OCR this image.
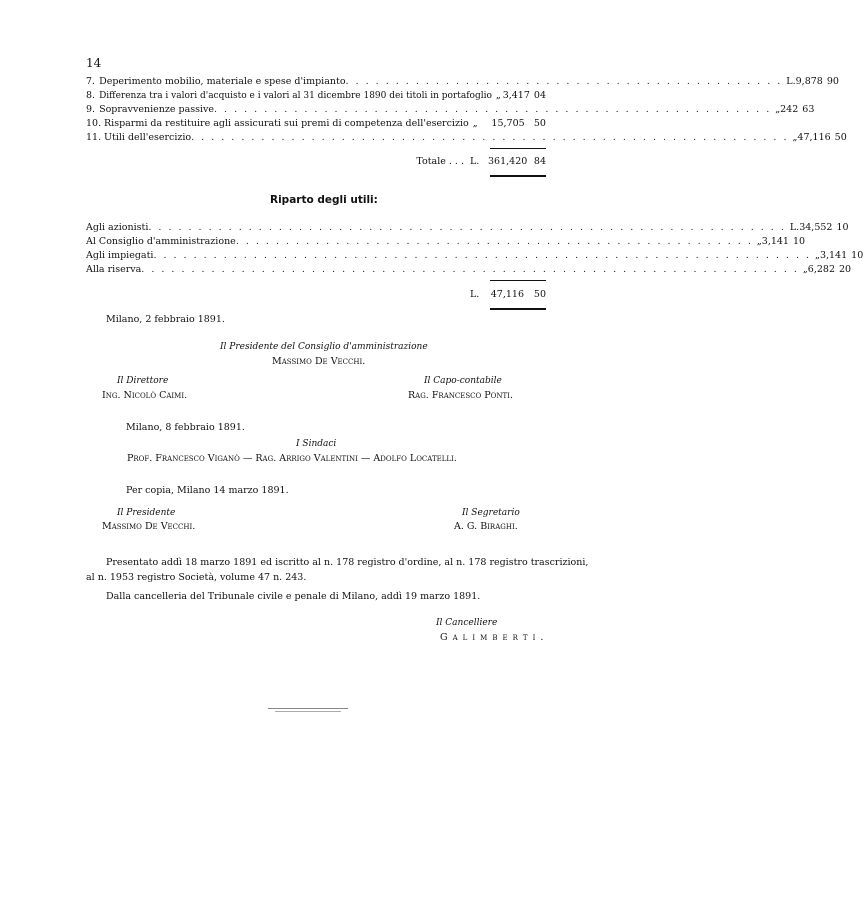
14
7. Deperimento mobilio, materiale e spese d'impianto . . . . . . . . . . . . . . . . . . . . . . . . . . . . . . . . . . . . . . . . . . . . L. 9,878 90
8. Differenza tra i valori d'acquisto e i valori al 31 dicembre 1890 dei titoli in portafoglio „ 3,417 04
9. Sopravvenienze passive . . . . . . . . . . . . . . . . . . . . . . . . . . . . . . . . . . . . . . . . . . . . . . . . . . . . . . . . „ 242 63
10. Risparmi da restituire agli assicurati sui premi di competenza dell'esercizio „	15,705 50
11. Utili dell'esercizio . . . . . . . . . . . . . . . . . . . . . . . . . . . . . . . . . . . . . . . . . . . . . . . . . . . . . . . . . . . . „ 47,116 50
Totale . . . L. 361,420 84
Riparto degli utili:
Agli azionisti . . . . . . . . . . . . . . . . . . . . . . . . . . . . . . . . . . . . . . . . . . . . . . . . . . . . . . . . . . . . . . . . L. 34,552 10
Al Consiglio d'amministrazione . . . . . . . . . . . . . . . . . . . . . . . . . . . . . . . . . . . . . . . . . . . . . . . . . . . . „ 3,141 10
Agli impiegati . . . . . . . . . . . . . . . . . . . . . . . . . . . . . . . . . . . . . . . . . . . . . . . . . . . . . . . . . . . . . . . . . . „ 3,141 10
Alla riserva . . . . . . . . . . . . . . . . . . . . . . . . . . . . . . . . . . . . . . . . . . . . . . . . . . . . . . . . . . . . . . . . . . „ 6,282 20
L.	47,116	50
Milano, 2 febbraio 1891.
Il Presidente del Consiglio d'amministrazione
Massimo De Vecchi.
Il Direttore
Ing. Nicolò Caimi.
Il Capo-contabile
Rag. Francesco Ponti.
Milano, 8 febbraio 1891.
I Sindaci
Prof. Francesco Viganò — Rag. Arrigo Valentini — Adolfo Locatelli.
Per copia, Milano 14 marzo 1891.
Il Presidente
Massimo De Vecchi.
Il Segretario
A. G. Biraghi.
Presentato addì 18 marzo 1891 ed iscritto al n. 178 registro d'ordine, al n. 178 registro trascrizioni,
al n. 1953 registro Società, volume 47 n. 243.
Dalla cancelleria del Tribunale civile e penale di Milano, addì 19 marzo 1891.
Il Cancelliere
G a l i m b e r t i .
